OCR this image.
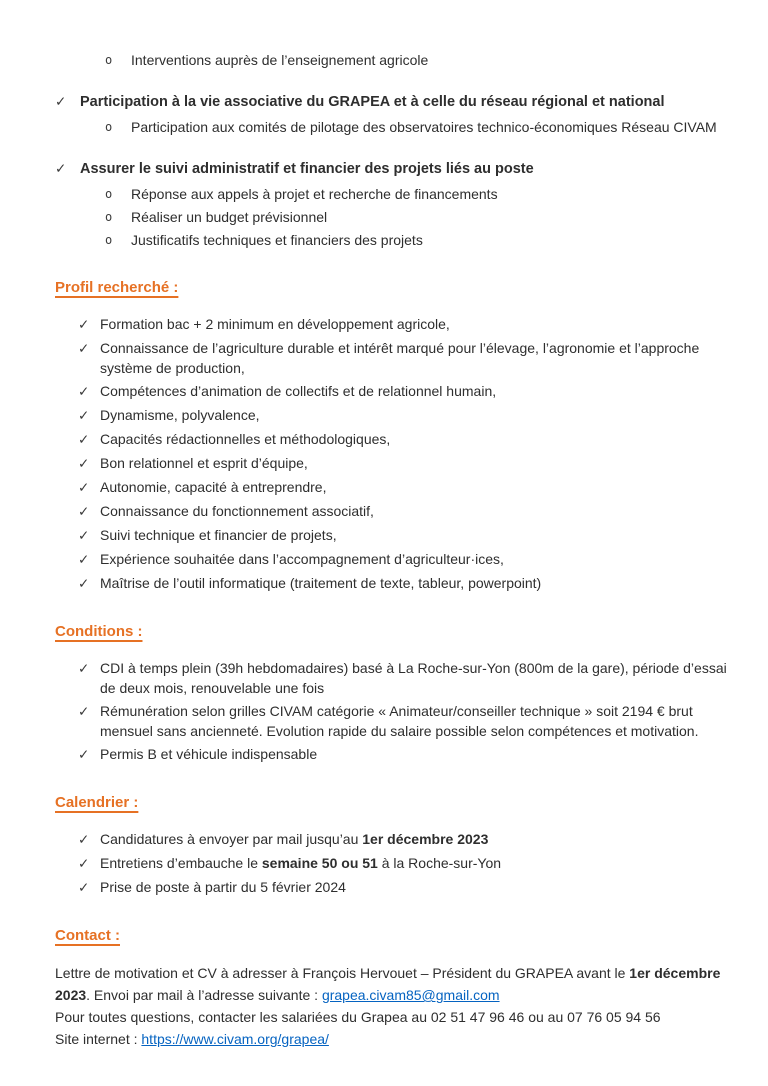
o	Interventions auprès de l’enseignement agricole
✓ Participation à la vie associative du GRAPEA et à celle du réseau régional et national
o	Participation aux comités de pilotage des observatoires technico-économiques Réseau CIVAM
✓ Assurer le suivi administratif et financier des projets liés au poste
o	Réponse aux appels à projet et recherche de financements
o	Réaliser un budget prévisionnel
o	Justificatifs techniques et financiers des projets
Profil recherché :
✓ Formation bac + 2 minimum en développement agricole,
✓ Connaissance de l’agriculture durable et intérêt marqué pour l’élevage, l’agronomie et l’approche système de production,
✓ Compétences d’animation de collectifs et de relationnel humain,
✓ Dynamisme, polyvalence,
✓ Capacités rédactionnelles et méthodologiques,
✓ Bon relationnel et esprit d’équipe,
✓ Autonomie, capacité à entreprendre,
✓ Connaissance du fonctionnement associatif,
✓ Suivi technique et financier de projets,
✓ Expérience souhaitée dans l’accompagnement d’agriculteur·ices,
✓ Maîtrise de l’outil informatique (traitement de texte, tableur, powerpoint)
Conditions :
✓ CDI à temps plein (39h hebdomadaires) basé à La Roche-sur-Yon (800m de la gare), période d’essai de deux mois, renouvelable une fois
✓ Rémunération selon grilles CIVAM catégorie « Animateur/conseiller technique » soit 2194 € brut mensuel sans ancienneté. Evolution rapide du salaire possible selon compétences et motivation.
✓ Permis B et véhicule indispensable
Calendrier :
✓ Candidatures à envoyer par mail jusqu’au 1er décembre 2023
✓ Entretiens d’embauche le semaine 50 ou 51 à la Roche-sur-Yon
✓ Prise de poste à partir du 5 février 2024
Contact :

Lettre de motivation et CV à adresser à François Hervouet – Président du GRAPEA avant le 1er décembre 2023. Envoi par mail à l’adresse suivante : grapea.civam85@gmail.com

Pour toutes questions, contacter les salariées du Grapea au 02 51 47 96 46 ou au 07 76 05 94 56

Site internet : https://www.civam.org/grapea/
